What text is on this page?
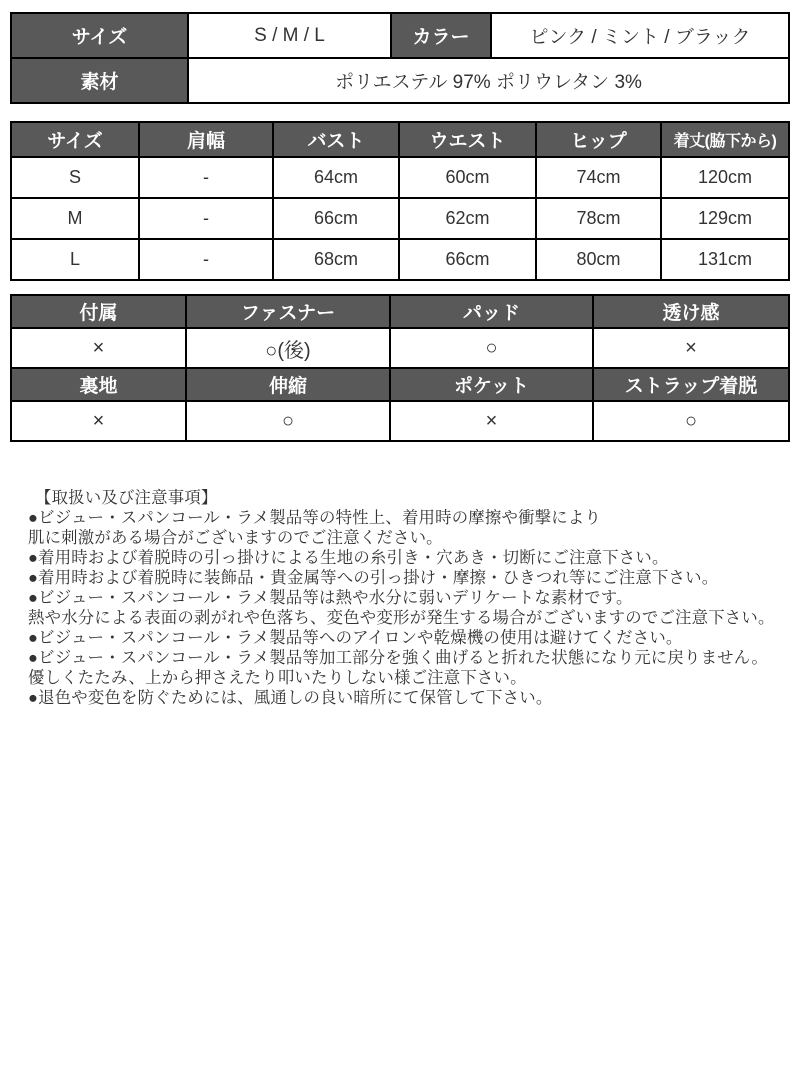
サイズ	S / M / L	カラー	ピンク / ミント / ブラック
素材	ポリエステル 97% ポリウレタン 3%		
サイズ	肩幅	バスト	ウエスト	ヒップ	着丈(脇下から)
S	-	64cm	60cm	74cm	120cm
M	-	66cm	62cm	78cm	129cm
L	-	68cm	66cm	80cm	131cm
付属	ファスナー	パッド	透け感
×	○(後)	○	×
裏地	伸縮	ポケット	ストラップ着脱
×	○	×	○
【取扱い及び注意事項】
●ビジュー・スパンコール・ラメ製品等の特性上、着用時の摩擦や衝撃により
肌に刺激がある場合がございますのでご注意ください。
●着用時および着脱時の引っ掛けによる生地の糸引き・穴あき・切断にご注意下さい。
●着用時および着脱時に装飾品・貴金属等への引っ掛け・摩擦・ひきつれ等にご注意下さい。
●ビジュー・スパンコール・ラメ製品等は熱や水分に弱いデリケートな素材です。
熱や水分による表面の剥がれや色落ち、変色や変形が発生する場合がございますのでご注意下さい。
●ビジュー・スパンコール・ラメ製品等へのアイロンや乾燥機の使用は避けてください。
●ビジュー・スパンコール・ラメ製品等加工部分を強く曲げると折れた状態になり元に戻りません。
優しくたたみ、上から押さえたり叩いたりしない様ご注意下さい。
●退色や変色を防ぐためには、風通しの良い暗所にて保管して下さい。
